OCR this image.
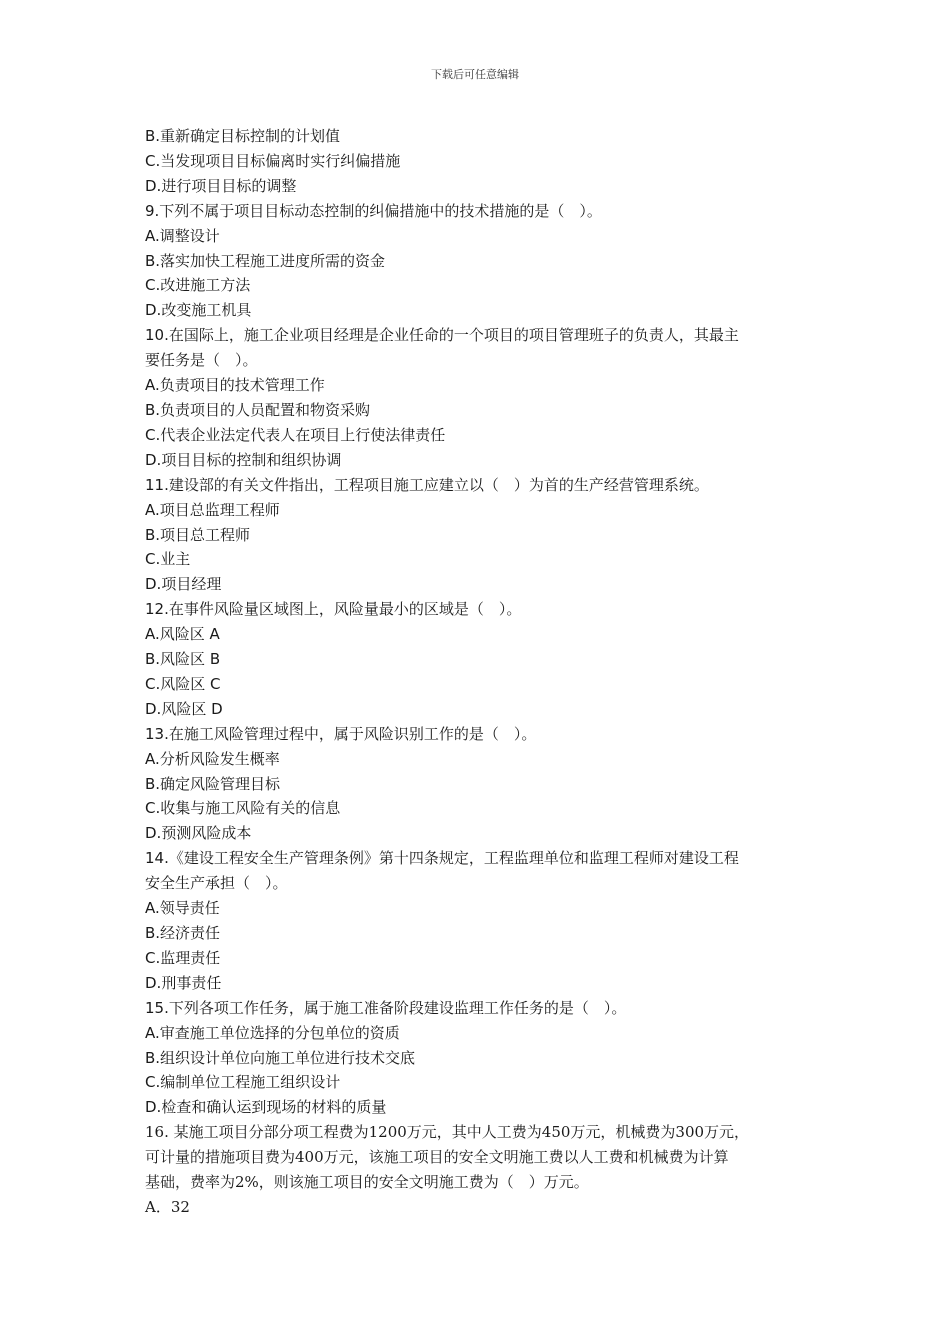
下载后可任意编辑
B.重新确定目标控制的计划值
C.当发现项目目标偏离时实行纠偏措施
D.进行项目目标的调整
9.下列不属于项目目标动态控制的纠偏措施中的技术措施的是（　）。
A.调整设计
B.落实加快工程施工进度所需的资金
C.改进施工方法
D.改变施工机具
10.在国际上，施工企业项目经理是企业任命的一个项目的项目管理班子的负责人，其最主
要任务是（　）。
A.负责项目的技术管理工作
B.负责项目的人员配置和物资采购
C.代表企业法定代表人在项目上行使法律责任
D.项目目标的控制和组织协调
11.建设部的有关文件指出，工程项目施工应建立以（　）为首的生产经营管理系统。
A.项目总监理工程师
B.项目总工程师
C.业主
D.项目经理
12.在事件风险量区域图上，风险量最小的区域是（　）。
A.风险区 A
B.风险区 B
C.风险区 C
D.风险区 D
13.在施工风险管理过程中，属于风险识别工作的是（　）。
A.分析风险发生概率
B.确定风险管理目标
C.收集与施工风险有关的信息
D.预测风险成本
14.《建设工程安全生产管理条例》第十四条规定，工程监理单位和监理工程师对建设工程
安全生产承担（　）。
A.领导责任
B.经济责任
C.监理责任
D.刑事责任
15.下列各项工作任务，属于施工准备阶段建设监理工作任务的是（　）。
A.审查施工单位选择的分包单位的资质
B.组织设计单位向施工单位进行技术交底
C.编制单位工程施工组织设计
D.检查和确认运到现场的材料的质量
16. 某施工项目分部分项工程费为1200万元，其中人工费为450万元，机械费为300万元，
可计量的措施项目费为400万元，该施工项目的安全文明施工费以人工费和机械费为计算
基础，费率为2%，则该施工项目的安全文明施工费为（　）万元。
A．32
